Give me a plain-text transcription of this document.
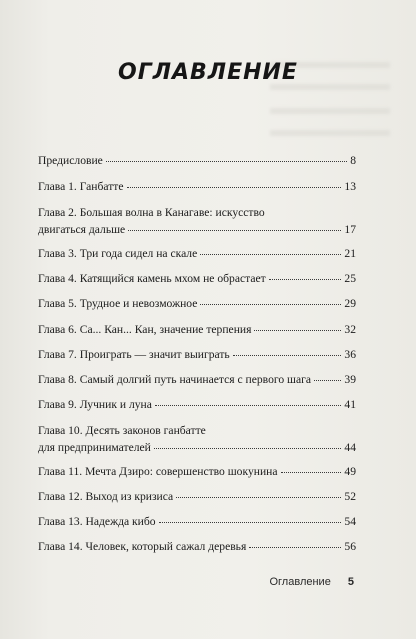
ОГЛАВЛЕНИЕ
Предисловие	8
Глава 1. Ганбатте	13
Глава 2. Большая волна в Канагаве: искусство
двигаться дальше	17
Глава 3. Три года сидел на скале	21
Глава 4. Катящийся камень мхом не обрастает	25
Глава 5. Трудное и невозможное	29
Глава 6. Са... Кан... Кан, значение терпения	32
Глава 7. Проиграть — значит выиграть	36
Глава 8. Самый долгий путь начинается с первого шага	39
Глава 9. Лучник и луна	41
Глава 10. Десять законов ганбатте
для предпринимателей	44
Глава 11. Мечта Дзиро: совершенство шокунина	49
Глава 12. Выход из кризиса	52
Глава 13. Надежда кибо	54
Глава 14. Человек, который сажал деревья	56
Оглавление 5
